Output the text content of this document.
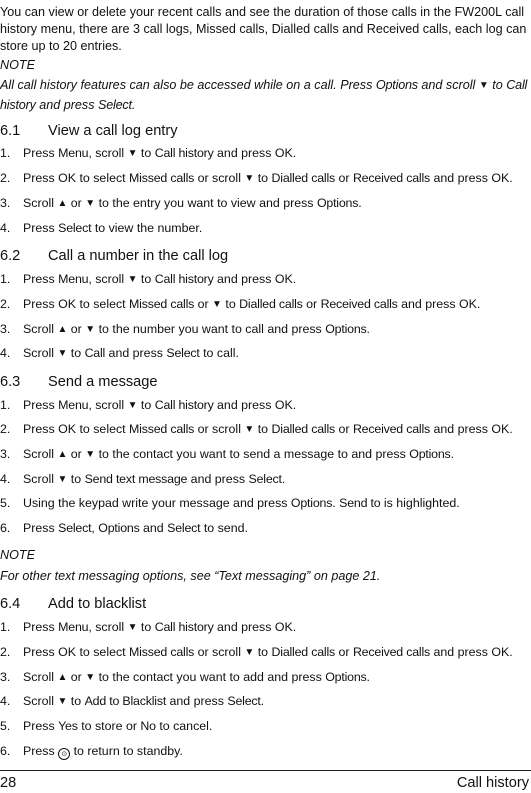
You can view or delete your recent calls and see the duration of those calls in the FW200L call history menu, there are 3 call logs, Missed calls, Dialled calls and Received calls, each log can store up to 20 entries.
NOTE
All call history features can also be accessed while on a call. Press Options and scroll ▼ to Call history and press Select.
6.1 View a call log entry
1. Press Menu, scroll ▼ to Call history and press OK.
2. Press OK to select Missed calls or scroll ▼ to Dialled calls or Received calls and press OK.
3. Scroll ▲ or ▼ to the entry you want to view and press Options.
4. Press Select to view the number.
6.2 Call a number in the call log
1. Press Menu, scroll ▼ to Call history and press OK.
2. Press OK to select Missed calls or ▼ to Dialled calls or Received calls and press OK.
3. Scroll ▲ or ▼ to the number you want to call and press Options.
4. Scroll ▼ to Call and press Select to call.
6.3 Send a message
1. Press Menu, scroll ▼ to Call history and press OK.
2. Press OK to select Missed calls or scroll ▼ to Dialled calls or Received calls and press OK.
3. Scroll ▲ or ▼ to the contact you want to send a message to and press Options.
4. Scroll ▼ to Send text message and press Select.
5. Using the keypad write your message and press Options. Send to is highlighted.
6. Press Select, Options and Select to send.
NOTE
For other text messaging options, see “Text messaging” on page 21.
6.4 Add to blacklist
1. Press Menu, scroll ▼ to Call history and press OK.
2. Press OK to select Missed calls or scroll ▼ to Dialled calls or Received calls and press OK.
3. Scroll ▲ or ▼ to the contact you want to add and press Options.
4. Scroll ▼ to Add to Blacklist and press Select.
5. Press Yes to store or No to cancel.
6. Press ⊙ to return to standby.
28	Call history
